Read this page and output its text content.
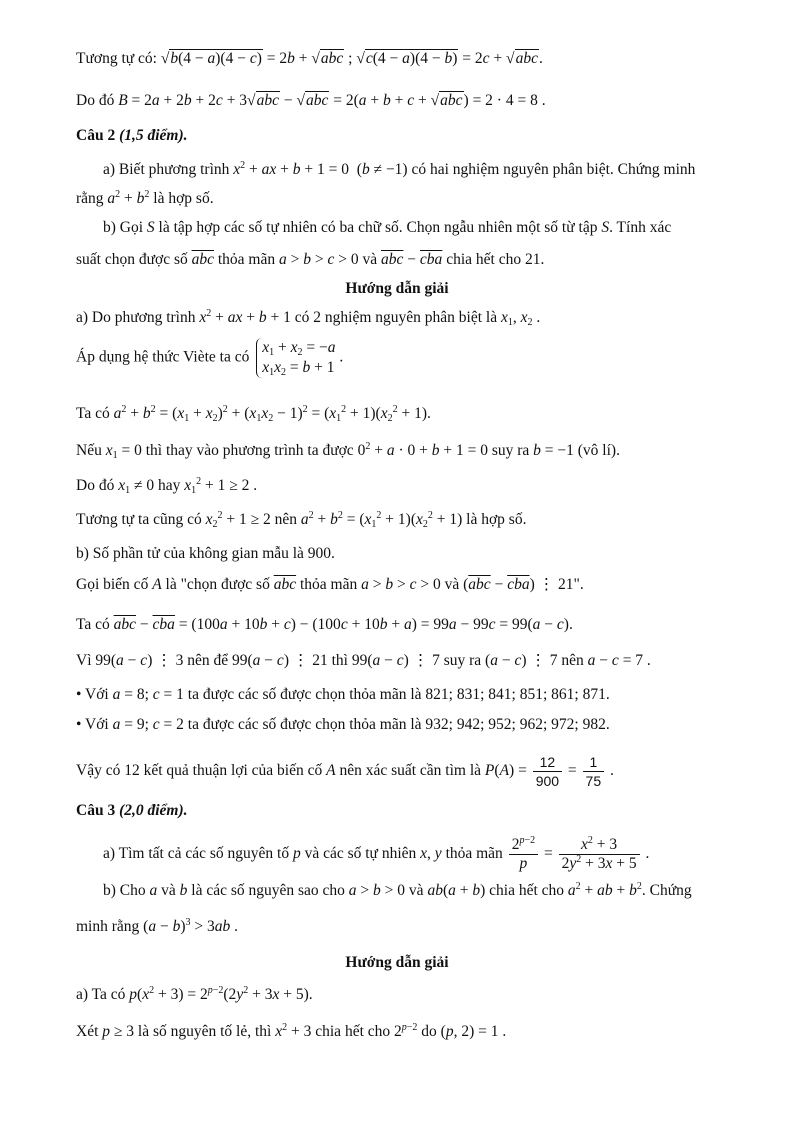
Tương tự có: √b(4 − a)(4 − c) = 2b + √abc ; √c(4 − a)(4 − b) = 2c + √abc.
Do đó B = 2a + 2b + 2c + 3√abc − √abc = 2(a + b + c + √abc) = 2 · 4 = 8 .
Câu 2 (1,5 điểm).
a) Biết phương trình $x^2$ + ax + b + 1 = 0  (b ≠ −1) có hai nghiệm nguyên phân biệt. Chứng minh
rằng $a^2 + b^2$ là hợp số.
b) Gọi S là tập hợp các số tự nhiên có ba chữ số. Chọn ngẫu nhiên một số từ tập S. Tính xác
suất chọn được số $\overline{abc}$ thỏa mãn a > b > c > 0 và $\overline{abc} - \overline{cba}$ chia hết cho 21.
Hướng dẫn giải
a) Do phương trình $x^2$ + ax + b + 1 có 2 nghiệm nguyên phân biệt là $x_1$, $x_2$ .
Áp dụng hệ thức Viète ta có
$x_1 + x_2 = -a$
$x_1x_2 = b + 1$
.
Ta có $a^2 + b^2 = (x_1 + x_2)^2 + (x_1x_2 - 1)^2 = (x_1^2 + 1)(x_2^2 + 1)$.
Nếu $x_1 = 0$ thì thay vào phương trình ta được $0^2 + a \cdot 0 + b + 1 = 0$ suy ra b = −1 (vô lí).
Do đó $x_1 \ne 0$ hay $x_1^2 + 1 \ge 2$ .
Tương tự ta cũng có $x_2^2 + 1 \ge 2$ nên $a^2 + b^2 = (x_1^2 + 1)(x_2^2 + 1)$ là hợp số.
b) Số phần tử của không gian mẫu là 900.
Gọi biến cố A là "chọn được số $\overline{abc}$ thỏa mãn a > b > c > 0 và $(\overline{abc} - \overline{cba})$ ⋮ 21".
Ta có $\overline{abc} - \overline{cba} = (100a + 10b + c) - (100c + 10b + a) = 99a - 99c = 99(a - c)$.
Vì 99(a − c) ⋮ 3 nên để 99(a − c) ⋮ 21 thì 99(a − c) ⋮ 7 suy ra (a − c) ⋮ 7 nên a − c = 7 .
• Với a = 8; c = 1 ta được các số được chọn thỏa mãn là 821; 831; 841; 851; 861; 871.
• Với a = 9; c = 2 ta được các số được chọn thỏa mãn là 932; 942; 952; 962; 972; 982.
Vậy có 12 kết quả thuận lợi của biến cố A nên xác suất cần tìm là $P(A) = \frac{12}{900} = \frac{1}{75}$ .
Câu 3 (2,0 điểm).
a) Tìm tất cả các số nguyên tố p và các số tự nhiên x, y thỏa mãn $\frac{2^{p-2}}{p} = \frac{x^2 + 3}{2y^2 + 3x + 5}$ .
b) Cho a và b là các số nguyên sao cho a > b > 0 và ab(a + b) chia hết cho $a^2$ + ab + $b^2$. Chứng
minh rằng $(a - b)^3 > 3ab$ .
Hướng dẫn giải
a) Ta có $p(x^2 + 3) = 2^{p-2}(2y^2 + 3x + 5)$.
Xét p ≥ 3 là số nguyên tố lẻ, thì $x^2 + 3$ chia hết cho $2^{p-2}$ do (p, 2) = 1 .
